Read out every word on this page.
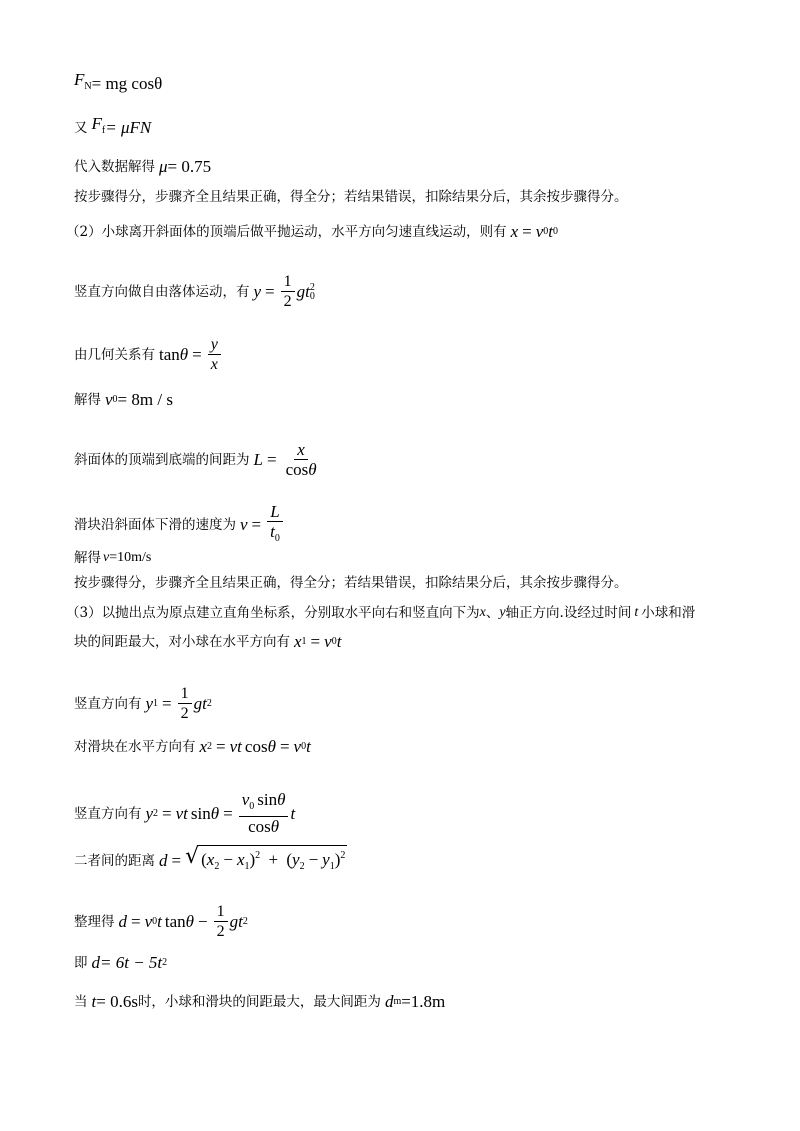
$F_N$ = mg cosθ
又 $F_f = \mu F$ N
代入数据解得 μ = 0.75
按步骤得分，步骤齐全且结果正确，得全分；若结果错误，扣除结果分后，其余按步骤得分。
（2）小球离开斜面体的顶端后做平抛运动，水平方向匀速直线运动，则有 x = v 0 t 0
竖直方向做自由落体运动，有 $y = \frac{1}{2}$ gt 2
0
由几何关系有 $\tan \theta = \frac{y}{x}$
解得 v 0 = 8m / s
斜面体的顶端到底端的间距为 $L = \frac{x}{\cos\theta}$
滑块沿斜面体下滑的速度为 $v = \frac{L}{t_0}$
解得 v =10m/s
按步骤得分，步骤齐全且结果正确，得全分；若结果错误，扣除结果分后，其余按步骤得分。
（3）以抛出点为原点建立直角坐标系，分别取水平向右和竖直向下为 x 、 y 轴正方向.设经过时间 t 小球和滑
块的间距最大，对小球在水平方向有 x 1 = v 0 t
竖直方向有 y $1 = \frac{1}{2}$ gt 2
对滑块在水平方向有 x 2 = vt cos θ = v 0 t
竖直方向有 y 2 = vt $\sin \theta = \frac{v_0 \sin\theta}{\cos\theta}$ t
二者间的距离 d = √ $(x_2 - x_1)^2 + (y_2 - y_1)^2$
整理得 d = v 0 t $\tan \theta - \frac{1}{2}$ gt 2
即 d = 6t − 5t 2
当 t = 0.6s 时，小球和滑块的间距最大，最大间距为 d m =1.8m
